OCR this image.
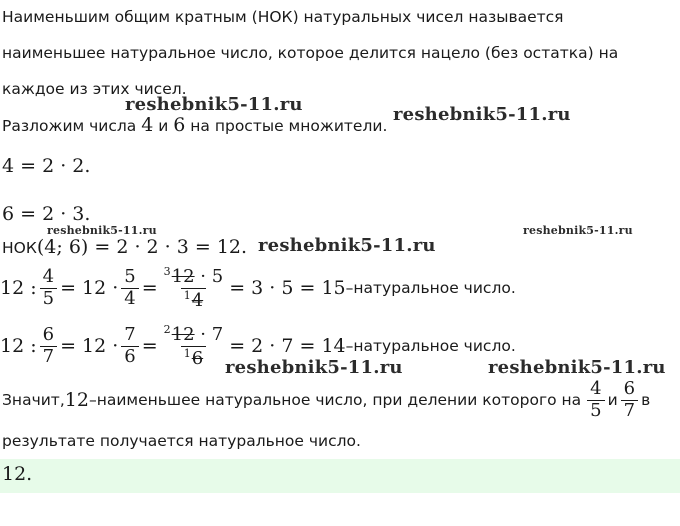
Наименьшим общим кратным (НОК) натуральных чисел называется
наименьшее натуральное число, которое делится нацело (без остатка) на
каждое из этих чисел.
Разложим числа 4 и 6 на простые множители.
4 = 2 · 2.
6 = 2 · 3.
НОК(4; 6) = 2 · 2 · 3 = 12.
12 : $\frac{4}{5} = 12 \cdot \frac{5}{4} = \frac{^312 \cdot 5}{^14} = 3 \cdot 5 = 15$ –натуральное число.
12 : $\frac{6}{7} = 12 \cdot \frac{7}{6} = \frac{^212 \cdot 7}{^16} = 2 \cdot 7 = 14$ –натуральное число.
Значит, 12 –наименьшее натуральное число, при делении которого на $\frac{4}{5}$ и $\frac{6}{7}$ в
результате получается натуральное число.
12.
reshebnik5-11.ru	reshebnik5-11.ru
reshebnik5-11.ru	reshebnik5-11.ru
reshebnik5-11.ru
reshebnik5-11.ru	reshebnik5-11.ru
